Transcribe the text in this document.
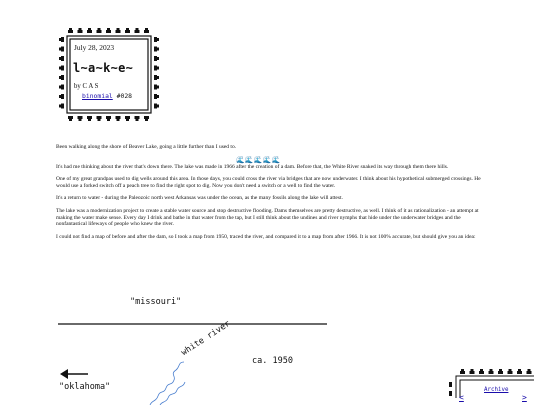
July 28, 2023
l~a~k~e~
by C A S
binomial #028

Been walking along the shore of Beaver Lake, going a little further than I used to.

It's had me thinking about the river that's down there. The lake was made in 1966 after the creation of a dam. Before that, the White River snaked its way through them there hills.

One of my great grandpas used to dig wells around this area. In those days, you could cross the river via bridges that are now underwater. I think about his hypothetical submerged crossings. He would use a forked switch off a peach tree to find the right spot to dig. Now you don't need a switch or a well to find the water.

It's a return to water - during the Paleozoic north west Arkansas was under the ocean, as the many fossils along the lake will attest.

The lake was a modernization project to create a stable water source and stop destructive flooding. Dams themselves are pretty destructive, as well. I think of it as rationalization - an attempt at making the water make sense. Every day I drink and bathe in that water from the tap, but I still think about the undines and river nymphs that hide under the underwater bridges and the nonfantastical lifeways of people who knew the river.

I could not find a map of before and after the dam, so I took a map from 1950, traced the river, and compared it to a map from after 1966. It is not 100% accurate, but should give you an idea:

🌊🌊🌊🌊🌊
"missouri"
"oklahoma"
white river
ca. 1950
Archive
<	>
